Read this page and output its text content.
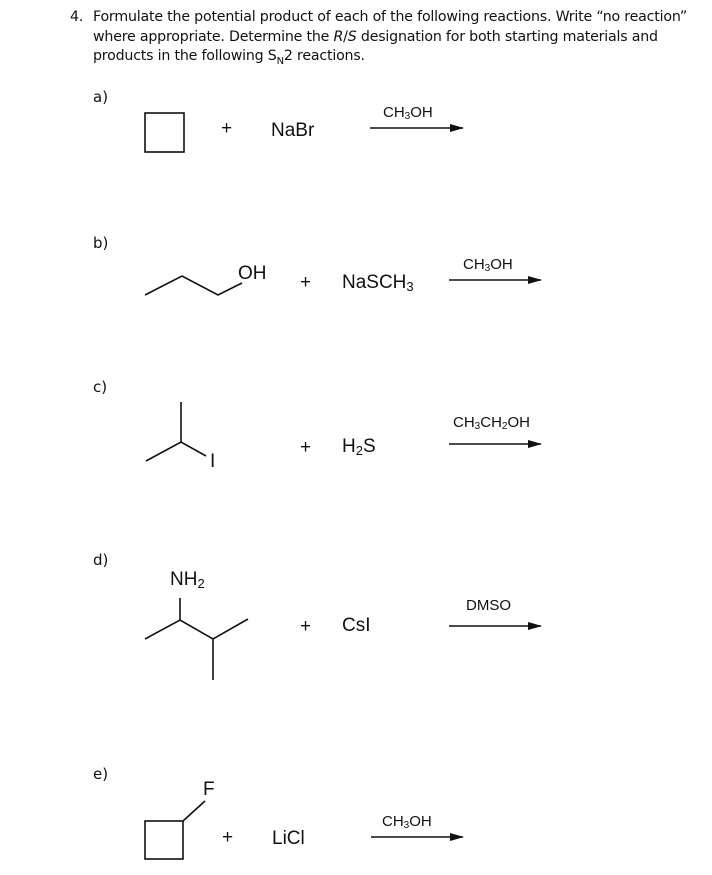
4. Formulate the potential product of each of the following reactions. Write “no reaction” where appropriate. Determine the R/S designation for both starting materials and products in the following $S_N2$ reactions.
a)
+ NaBr
$CH_3OH$
b)
OH + NaSCH$_3$
$CH_3OH$
c)
I
+ $H_2S$
$CH_3CH_2OH$
d)
$NH_2$
+ CsI
DMSO
e)
F
+ LiCl
$CH_3OH$
